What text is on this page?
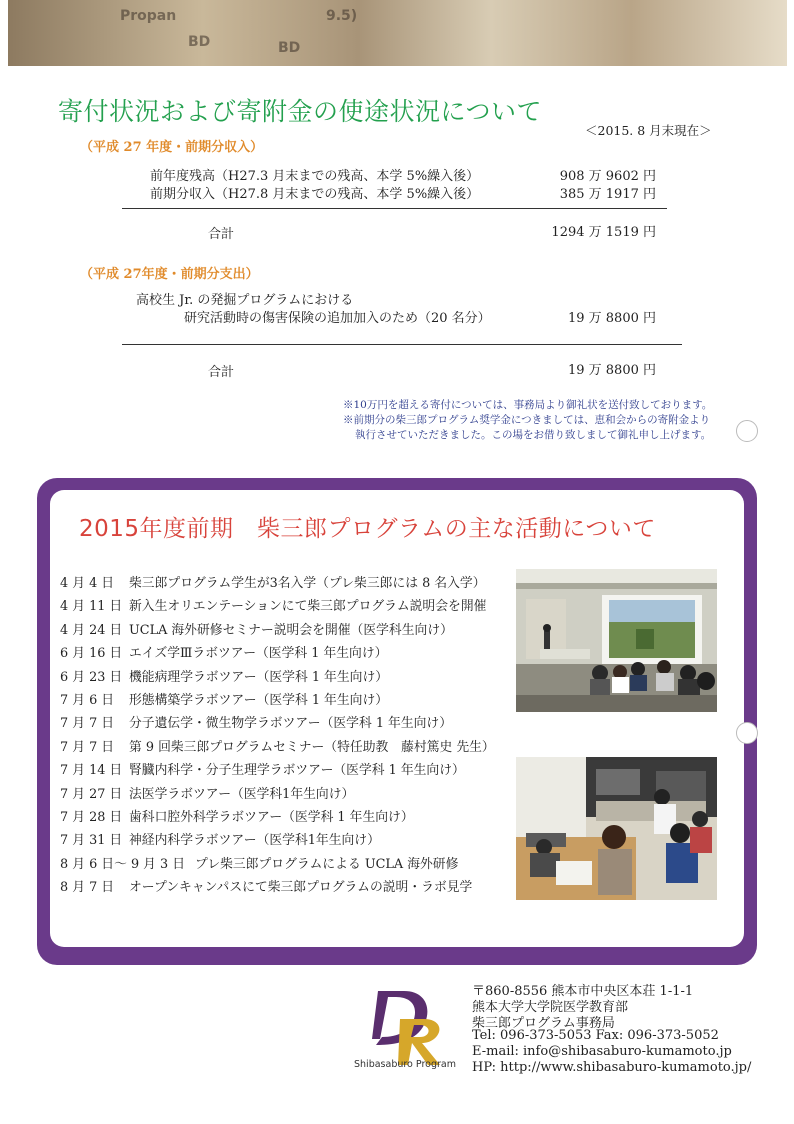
Propan
BD	BD
9.5)
寄付状況および寄附金の使途状況について
＜2015. 8 月末現在＞
（平成 27 年度・前期分収入）
前年度残高（H27.3 月末までの残高、本学 5%繰入後）	908 万 9602 円
前期分収入（H27.8 月末までの残高、本学 5%繰入後）	385 万 1917 円
合計	1294 万 1519 円
（平成 27年度・前期分支出）
高校生 Jr. の発掘プログラムにおける
研究活動時の傷害保険の追加加入のため（20 名分）	19 万 8800 円
合計	19 万 8800 円
※10万円を超える寄付については、事務局より御礼状を送付致しております。
※前期分の柴三郎プログラム奨学金につきましては、恵和会からの寄附金より
執行させていただきました。この場をお借り致しまして御礼申し上げます。
2015年度前期　柴三郎プログラムの主な活動について
4 月 4 日 柴三郎プログラム学生が3名入学（プレ柴三郎には 8 名入学）
4 月 11 日 新入生オリエンテーションにて柴三郎プログラム説明会を開催
4 月 24 日 UCLA 海外研修セミナー説明会を開催（医学科生向け）
6 月 16 日 エイズ学Ⅲラボツアー（医学科 1 年生向け）
6 月 23 日 機能病理学ラボツアー（医学科 1 年生向け）
7 月 6 日 形態構築学ラボツアー（医学科 1 年生向け）
7 月 7 日 分子遺伝学・微生物学ラボツアー（医学科 1 年生向け）
7 月 7 日 第 9 回柴三郎プログラムセミナー（特任助教　藤村篤史 先生）
7 月 14 日 腎臓内科学・分子生理学ラボツアー（医学科 1 年生向け）
7 月 27 日 法医学ラボツアー（医学科1年生向け）
7 月 28 日 歯科口腔外科学ラボツアー（医学科 1 年生向け）
7 月 31 日 神経内科学ラボツアー（医学科1年生向け）
8 月 6 日～ 9 月 3 日 プレ柴三郎プログラムによる UCLA 海外研修
8 月 7 日 オープンキャンパスにて柴三郎プログラムの説明・ラボ見学
Shibasaburo Program
〒860-8556 熊本市中央区本荘 1-1-1
熊本大学大学院医学教育部
柴三郎プログラム事務局
Tel: 096-373-5053 Fax: 096-373-5052
E-mail: info@shibasaburo-kumamoto.jp
HP: http://www.shibasaburo-kumamoto.jp/
